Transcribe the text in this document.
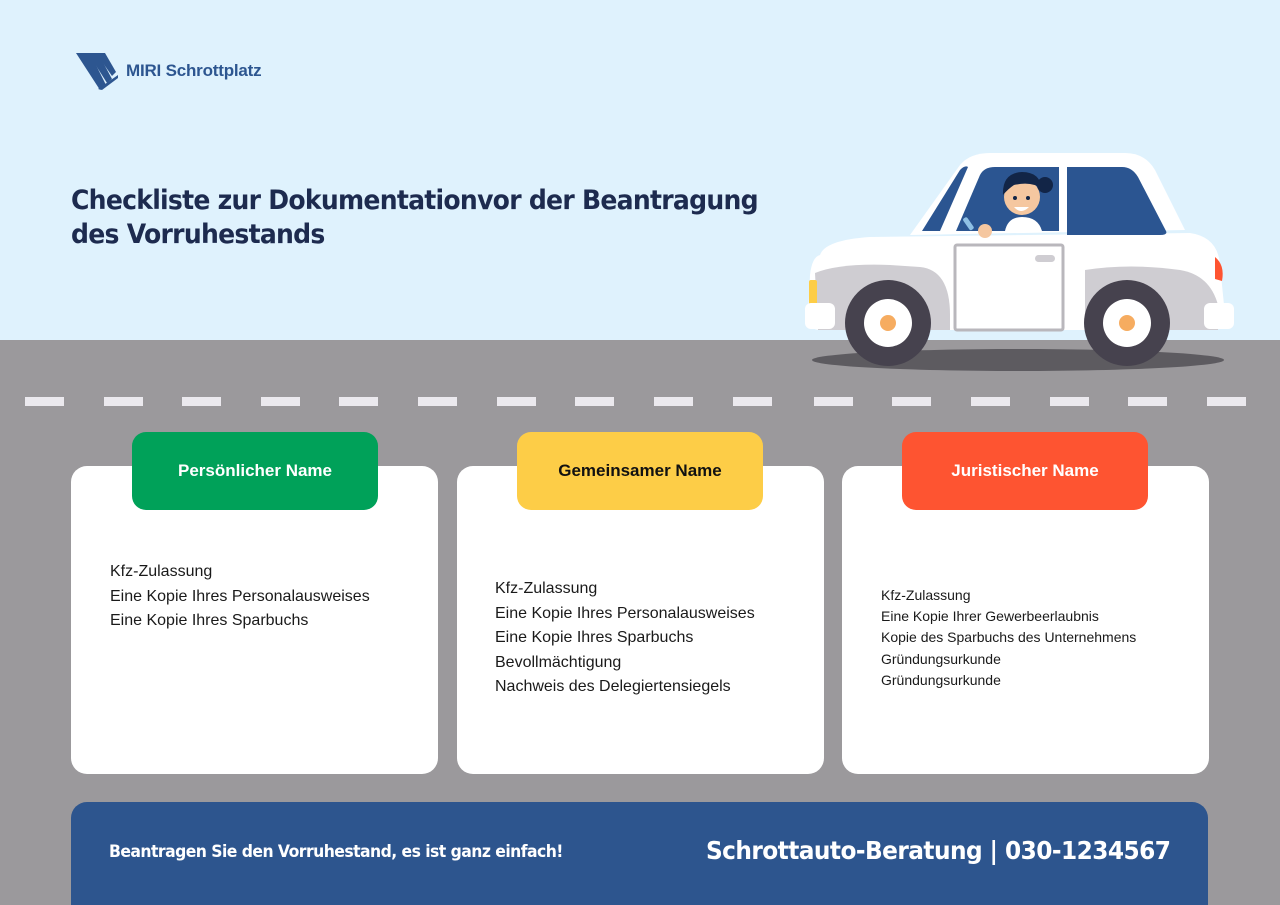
MIRI Schrottplatz
Checkliste zur Dokumentationvor der Beantragung
des Vorruhestands
Persönlicher Name
Kfz-Zulassung
Eine Kopie Ihres Personalausweises
Eine Kopie Ihres Sparbuchs
Gemeinsamer Name
Kfz-Zulassung
Eine Kopie Ihres Personalausweises
Eine Kopie Ihres Sparbuchs
Bevollmächtigung
Nachweis des Delegiertensiegels
Juristischer Name
Kfz-Zulassung
Eine Kopie Ihrer Gewerbeerlaubnis
Kopie des Sparbuchs des Unternehmens
Gründungsurkunde
Gründungsurkunde
Beantragen Sie den Vorruhestand, es ist ganz einfach!	Schrottauto-Beratung | 030-1234567
